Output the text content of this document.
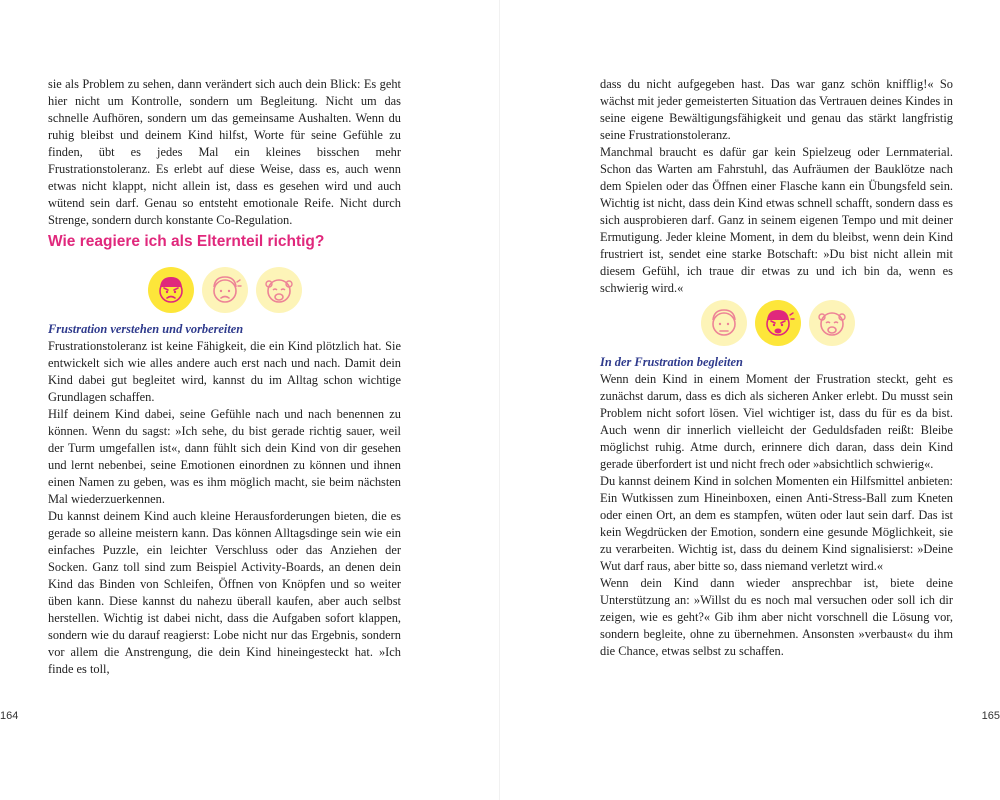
sie als Problem zu sehen, dann verändert sich auch dein Blick: Es geht hier nicht um Kontrolle, sondern um Begleitung. Nicht um das schnelle Aufhören, sondern um das gemeinsame Aushalten. Wenn du ruhig bleibst und deinem Kind hilfst, Worte für seine Gefühle zu finden, übt es jedes Mal ein kleines bisschen mehr Frustrationstoleranz. Es erlebt auf diese Weise, dass es, auch wenn etwas nicht klappt, nicht allein ist, dass es gesehen wird und auch wütend sein darf. Genau so entsteht emotionale Reife. Nicht durch Strenge, sondern durch konstante Co-Regulation.

Wie reagiere ich als Elternteil richtig?

Frustration verstehen und vorbereiten

Frustrationstoleranz ist keine Fähigkeit, die ein Kind plötzlich hat. Sie entwickelt sich wie alles andere auch erst nach und nach. Damit dein Kind dabei gut begleitet wird, kannst du im Alltag schon wichtige Grundlagen schaffen.

Hilf deinem Kind dabei, seine Gefühle nach und nach benennen zu können. Wenn du sagst: »Ich sehe, du bist gerade richtig sauer, weil der Turm umgefallen ist«, dann fühlt sich dein Kind von dir gesehen und lernt nebenbei, seine Emotionen einordnen zu können und ihnen einen Namen zu geben, was es ihm möglich macht, sie beim nächsten Mal wiederzuerkennen.

Du kannst deinem Kind auch kleine Herausforderungen bieten, die es gerade so alleine meistern kann. Das können Alltagsdinge sein wie ein einfaches Puzzle, ein leichter Verschluss oder das Anziehen der Socken. Ganz toll sind zum Beispiel Activity-Boards, an denen dein Kind das Binden von Schleifen, Öffnen von Knöpfen und so weiter üben kann. Diese kannst du nahezu überall kaufen, aber auch selbst herstellen. Wichtig ist dabei nicht, dass die Aufgaben sofort klappen, sondern wie du darauf reagierst: Lobe nicht nur das Ergebnis, sondern vor allem die Anstrengung, die dein Kind hineingesteckt hat. »Ich finde es toll,

164

dass du nicht aufgegeben hast. Das war ganz schön knifflig!« So wächst mit jeder gemeisterten Situation das Vertrauen deines Kindes in seine eigene Bewältigungsfähigkeit und genau das stärkt langfristig seine Frustrationstoleranz.

Manchmal braucht es dafür gar kein Spielzeug oder Lernmaterial. Schon das Warten am Fahrstuhl, das Aufräumen der Bauklötze nach dem Spielen oder das Öffnen einer Flasche kann ein Übungsfeld sein. Wichtig ist nicht, dass dein Kind etwas schnell schafft, sondern dass es sich ausprobieren darf. Ganz in seinem eigenen Tempo und mit deiner Ermutigung. Jeder kleine Moment, in dem du bleibst, wenn dein Kind frustriert ist, sendet eine starke Botschaft: »Du bist nicht allein mit diesem Gefühl, ich traue dir etwas zu und ich bin da, wenn es schwierig wird.«

In der Frustration begleiten

Wenn dein Kind in einem Moment der Frustration steckt, geht es zunächst darum, dass es dich als sicheren Anker erlebt. Du musst sein Problem nicht sofort lösen. Viel wichtiger ist, dass du für es da bist. Auch wenn dir innerlich vielleicht der Geduldsfaden reißt: Bleibe möglichst ruhig. Atme durch, erinnere dich daran, dass dein Kind gerade überfordert ist und nicht frech oder »absichtlich schwierig«.

Du kannst deinem Kind in solchen Momenten ein Hilfsmittel anbieten: Ein Wutkissen zum Hineinboxen, einen Anti-Stress-Ball zum Kneten oder einen Ort, an dem es stampfen, wüten oder laut sein darf. Das ist kein Wegdrücken der Emotion, sondern eine gesunde Möglichkeit, sie zu verarbeiten. Wichtig ist, dass du deinem Kind signalisierst: »Deine Wut darf raus, aber bitte so, dass niemand verletzt wird.«

Wenn dein Kind dann wieder ansprechbar ist, biete deine Unterstützung an: »Willst du es noch mal versuchen oder soll ich dir zeigen, wie es geht?« Gib ihm aber nicht vorschnell die Lösung vor, sondern begleite, ohne zu übernehmen. Ansonsten »verbaust« du ihm die Chance, etwas selbst zu schaffen.

165
